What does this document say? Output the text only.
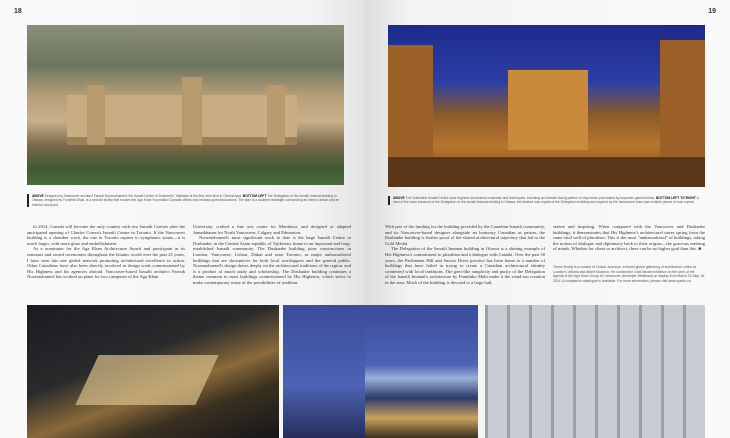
18
ABOVE Designed by Vancouver architect Farouk Noormohamed, the Ismaili Centre in Dushanbe, Tajikistan is the first of its kind in Central Asia. BOTTOM LEFT The Delegation of the Ismaili Imamat building in Ottawa, designed by Fumihiko Maki, is a secular facility that houses the Aga Khan Foundation Canada offices and endows quiet discussions. The plan is a doubled rectangle surrounding an interior atrium and an exterior courtyard.

In 2014, Canada will become the only country with two Ismaili Centres after the anticipated opening of Charles Correa's Ismaili Centre in Toronto. If the Vancouver building is a chamber work, the one in Toronto aspires to symphonic status—it is much larger, with more glass and embellishment.

As a nominator for the Aga Khan Architecture Award and participant in its seminars and award ceremonies throughout the Islamic world over the past 25 years, I have seen this rare global network promoting architectural excellence in action. Other Canadians have also been directly involved in design work commissioned by His Highness and his agencies abroad. Vancouver-based Ismaili architect Farouk Noormohamed has worked on plans for two campuses of the Aga Khan

University, crafted a fine arts centre for Mombasa, and designed or adapted Jamatkhanas for North Vancouver, Calgary and Edmonton.

Noormohamed's most significant work to date is the large Ismaili Centre in Dushanbe, in the Central Asian republic of Tajikistan, home to an important and long-established Ismaili community. The Dushanbe building joins constructions in London, Vancouver, Lisbon, Dubai and soon Toronto, as major ambassadorial buildings that are showpieces for both local worshippers and the general public. Noormohamed's design draws deeply on the architectural traditions of the region, and is a product of much study and scholarship. The Dushanbe building continues a theme common to most buildings commissioned by His Highness, which strive to make contemporary sense of the possibilities of tradition.

19
ABOVE The Dushanbe Ismaili Centre uses regional construction materials and techniques, including an intricate facing pattern of clay bricks punctuated by turquoise glazed bricks. BOTTOM LEFT TO RIGHT A view of the main entrance to the Delegation of the Ismaili Imamat building in Ottawa; the faceted rock crystal of the Delegation building was inspired by the translucent hues and multiple planes of rock crystal.

With part of the funding for the building provided by the Canadian Ismaili community, and its Vancouver-based designer alongside an honorary Canadian as patron, the Dushanbe building is further proof of the shared architectural trajectory that led to the Gold Medal.

The Delegation of the Ismaili Imamat building in Ottawa is a shining example of His Highness's commitment to pluralism and a dialogue with Canada. Over the past 30 years, the Parliament Hill and Sussex Drive precinct has been home to a number of buildings that have failed in trying to create a Canadian architectural identity connected with local traditions. The gem-like simplicity and purity of the Delegation of the Ismaili Imamat's architecture by Fumihiko Maki make it the stand-out creation in the area. Much of the building is devoted to a large hall,

serene and inspiring. When compared with the Vancouver and Dushanbe buildings, it demonstrates that His Highness's architectural tastes spring from the same vital well of pluralism. This is the most "ambassadorial" of buildings, taking the notion of dialogue and diplomacy back to their origins—the gracious meeting of minds. Whether for client or architect, there can be no higher goal than this. ■

Trevor Boddy is a curator of Critical Journeys, a recent global gathering of architecture critics at London's Victoria and Albert Museum. He curated the Gold Medal exhibition on the work of the Agents of the Aga Khan Group for Vancouver developer Westbank on display from March 22-May 18, 2014. A companion catalogue is available. For more information, please visit www.spacio.ca
